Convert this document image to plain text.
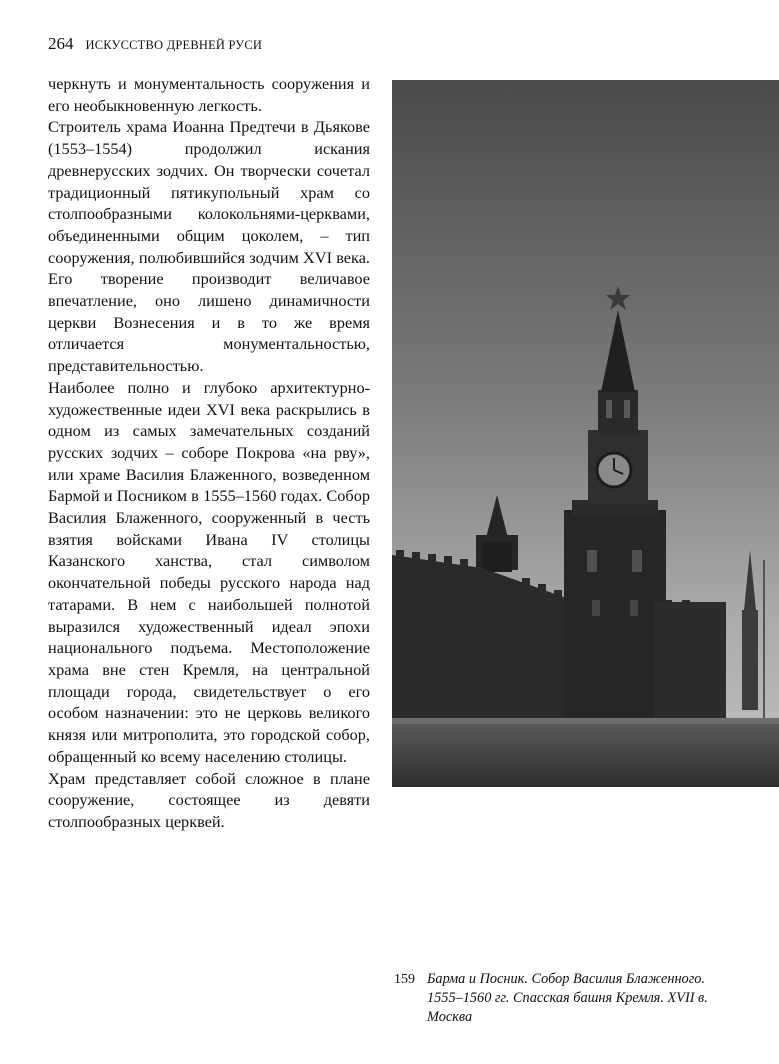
264 ИСКУССТВО ДРЕВНЕЙ РУСИ

черкнуть и монументальность сооружения и его необыкновенную легкость.

Строитель храма Иоанна Предтечи в Дьякове (1553–1554) продолжил искания древнерусских зодчих. Он творчески сочетал традиционный пятикупольный храм со столпообразными колокольнями-церквами, объединенными общим цоколем, – тип сооружения, полюбившийся зодчим XVI века. Его творение производит величавое впечатление, оно лишено динамичности церкви Вознесения и в то же время отличается монументальностью, представительностью.

Наиболее полно и глубоко архитектурно-художественные идеи XVI века раскрылись в одном из самых замечательных созданий русских зодчих – соборе Покрова «на рву», или храме Василия Блаженного, возведенном Бармой и Посником в 1555–1560 годах. Собор Василия Блаженного, сооруженный в честь взятия войсками Ивана IV столицы Казанского ханства, стал символом окончательной победы русского народа над татарами. В нем с наибольшей полнотой выразился художественный идеал эпохи национального подъема. Местоположение храма вне стен Кремля, на центральной площади города, свидетельствует о его особом назначении: это не церковь великого князя или митрополита, это городской собор, обращенный ко всему населению столицы.

Храм представляет собой сложное в плане сооружение, состоящее из девяти столпообразных церквей.

159 Барма и Посник. Собор Василия Блаженного. 1555–1560 гг. Спасская башня Кремля. XVII в. Москва
